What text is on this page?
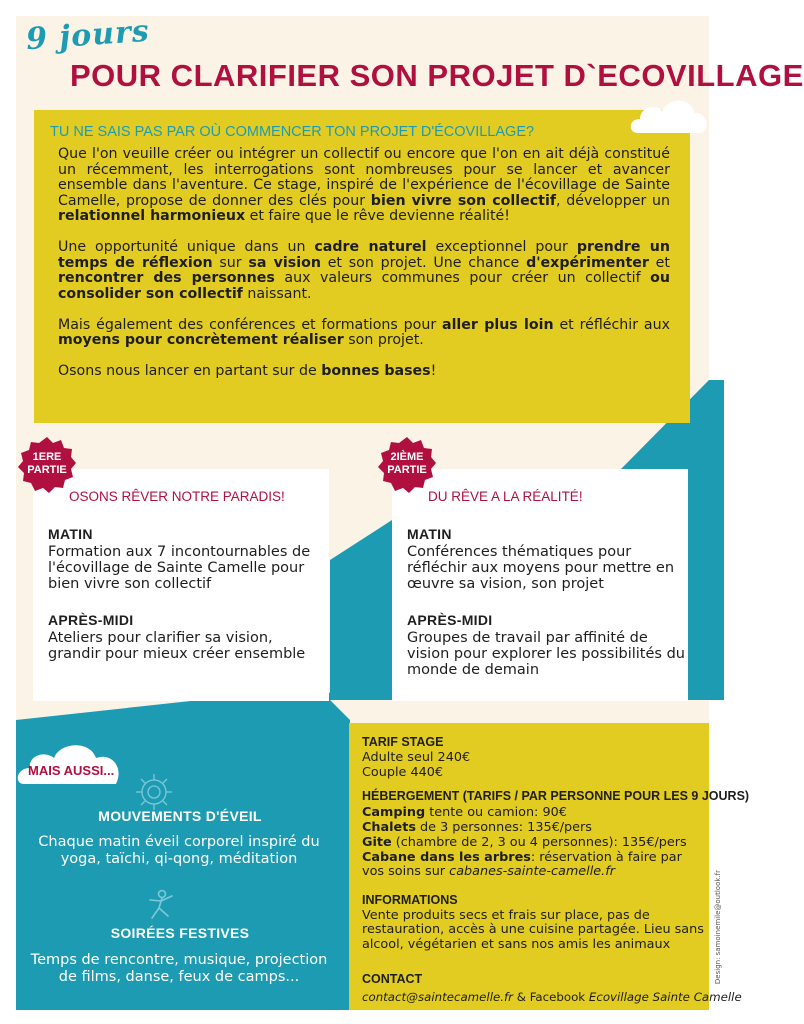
9 jours
POUR CLARIFIER SON PROJET D`ECOVILLAGE
TU NE SAIS PAS PAR OÙ COMMENCER TON PROJET D'ÉCOVILLAGE?

Que l'on veuille créer ou intégrer un collectif ou encore que l'on en ait déjà constitué un récemment, les interrogations sont nombreuses pour se lancer et avancer ensemble dans l'aventure. Ce stage, inspiré de l'expérience de l'écovillage de Sainte Camelle, propose de donner des clés pour bien vivre son collectif, développer un relationnel harmonieux et faire que le rêve devienne réalité!

Une opportunité unique dans un cadre naturel exceptionnel pour prendre un temps de réflexion sur sa vision et son projet. Une chance d'expérimenter et rencontrer des personnes aux valeurs communes pour créer un collectif ou consolider son collectif naissant.

Mais également des conférences et formations pour aller plus loin et réfléchir aux moyens pour concrètement réaliser son projet.

Osons nous lancer en partant sur de bonnes bases!

OSONS RÊVER NOTRE PARADIS!
MATIN
Formation aux 7 incontournables de l'écovillage de Sainte Camelle pour bien vivre son collectif
APRÈS-MIDI
Ateliers pour clarifier sa vision, grandir pour mieux créer ensemble
DU RÊVE A LA RÉALITÉ!
MATIN
Conférences thématiques pour réfléchir aux moyens pour mettre en œuvre sa vision, son projet
APRÈS-MIDI
Groupes de travail par affinité de vision pour explorer les possibilités du monde de demain
1ERE
PARTIE
2IÈME
PARTIE
MAIS AUSSI...
MOUVEMENTS D'ÉVEIL
Chaque matin éveil corporel inspiré du yoga, taïchi, qi-qong, méditation
SOIRÉES FESTIVES
Temps de rencontre, musique, projection de films, danse, feux de camps...
TARIF STAGE
Adulte seul 240€
Couple 440€
HÉBERGEMENT (TARIFS / PAR PERSONNE POUR LES 9 JOURS)
Camping tente ou camion: 90€
Chalets de 3 personnes: 135€/pers
Gite (chambre de 2, 3 ou 4 personnes): 135€/pers
Cabane dans les arbres: réservation à faire par vos soins sur cabanes-sainte-camelle.fr
INFORMATIONS
Vente produits secs et frais sur place, pas de restauration, accès à une cuisine partagée. Lieu sans alcool, végétarien et sans nos amis les animaux
CONTACT
contact@saintecamelle.fr & Facebook Ecovillage Sainte Camelle
Design: samoinemile@outlook.fr
